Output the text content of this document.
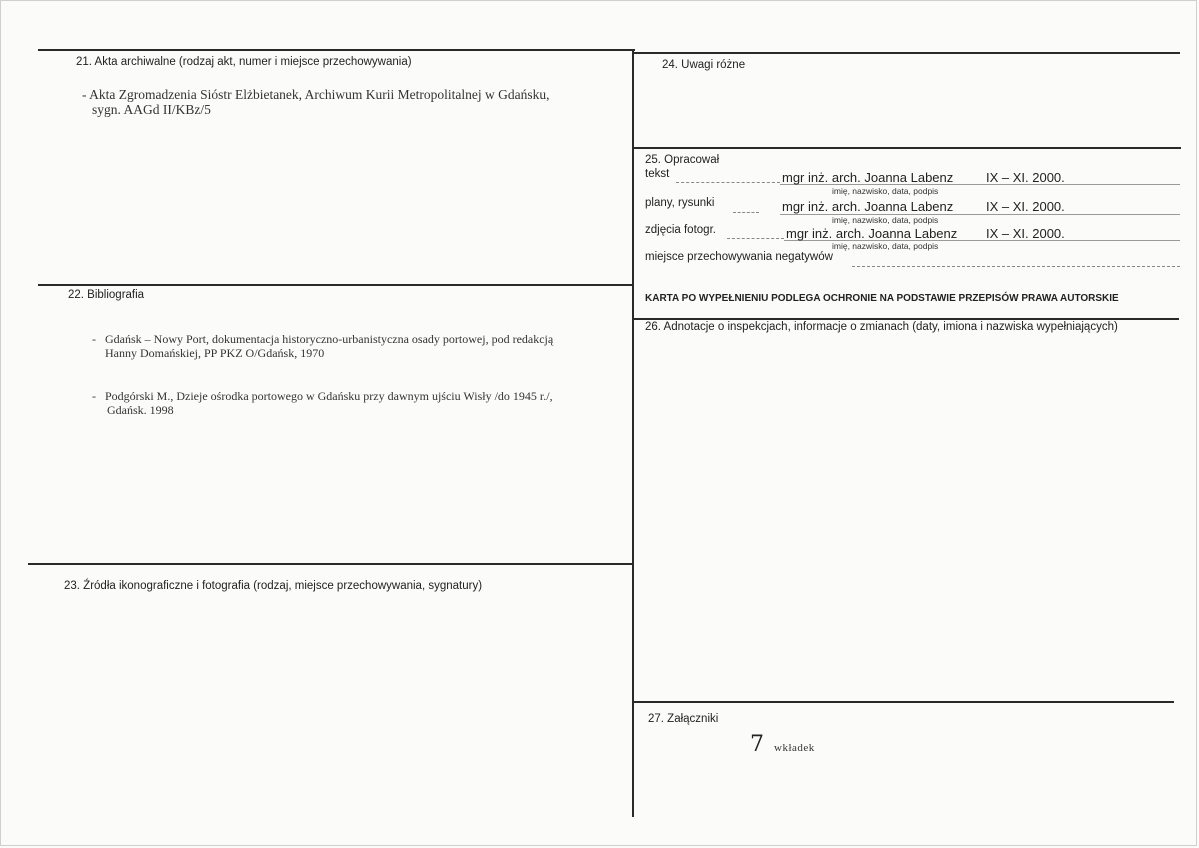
21. Akta archiwalne (rodzaj akt, numer i miejsce przechowywania)
- Akta Zgromadzenia Sióstr Elżbietanek, Archiwum Kurii Metropolitalnej w Gdańsku,
sygn. AAGd II/KBz/5
22. Bibliografia
- Gdańsk – Nowy Port, dokumentacja historyczno-urbanistyczna osady portowej, pod redakcją
Hanny Domańskiej, PP PKZ O/Gdańsk, 1970
- Podgórski M., Dzieje ośrodka portowego w Gdańsku przy dawnym ujściu Wisły /do 1945 r./,
Gdańsk. 1998
23. Źródła ikonograficzne i fotografia (rodzaj, miejsce przechowywania, sygnatury)
24. Uwagi różne
25. Opracował
tekst	mgr inż. arch. Joanna Labenz	IX – XI. 2000.
imię, nazwisko, data, podpis
plany, rysunki	mgr inż. arch. Joanna Labenz	IX – XI. 2000.
imię, nazwisko, data, podpis
zdjęcia fotogr.	mgr inż. arch. Joanna Labenz IX – XI. 2000.
imię, nazwisko, data, podpis
miejsce przechowywania negatywów
KARTA PO WYPEŁNIENIU PODLEGA OCHRONIE NA PODSTAWIE PRZEPISÓW PRAWA AUTORSKIE
26. Adnotacje o inspekcjach, informacje o zmianach (daty, imiona i nazwiska wypełniających)
27. Załączniki
7 wkładek
